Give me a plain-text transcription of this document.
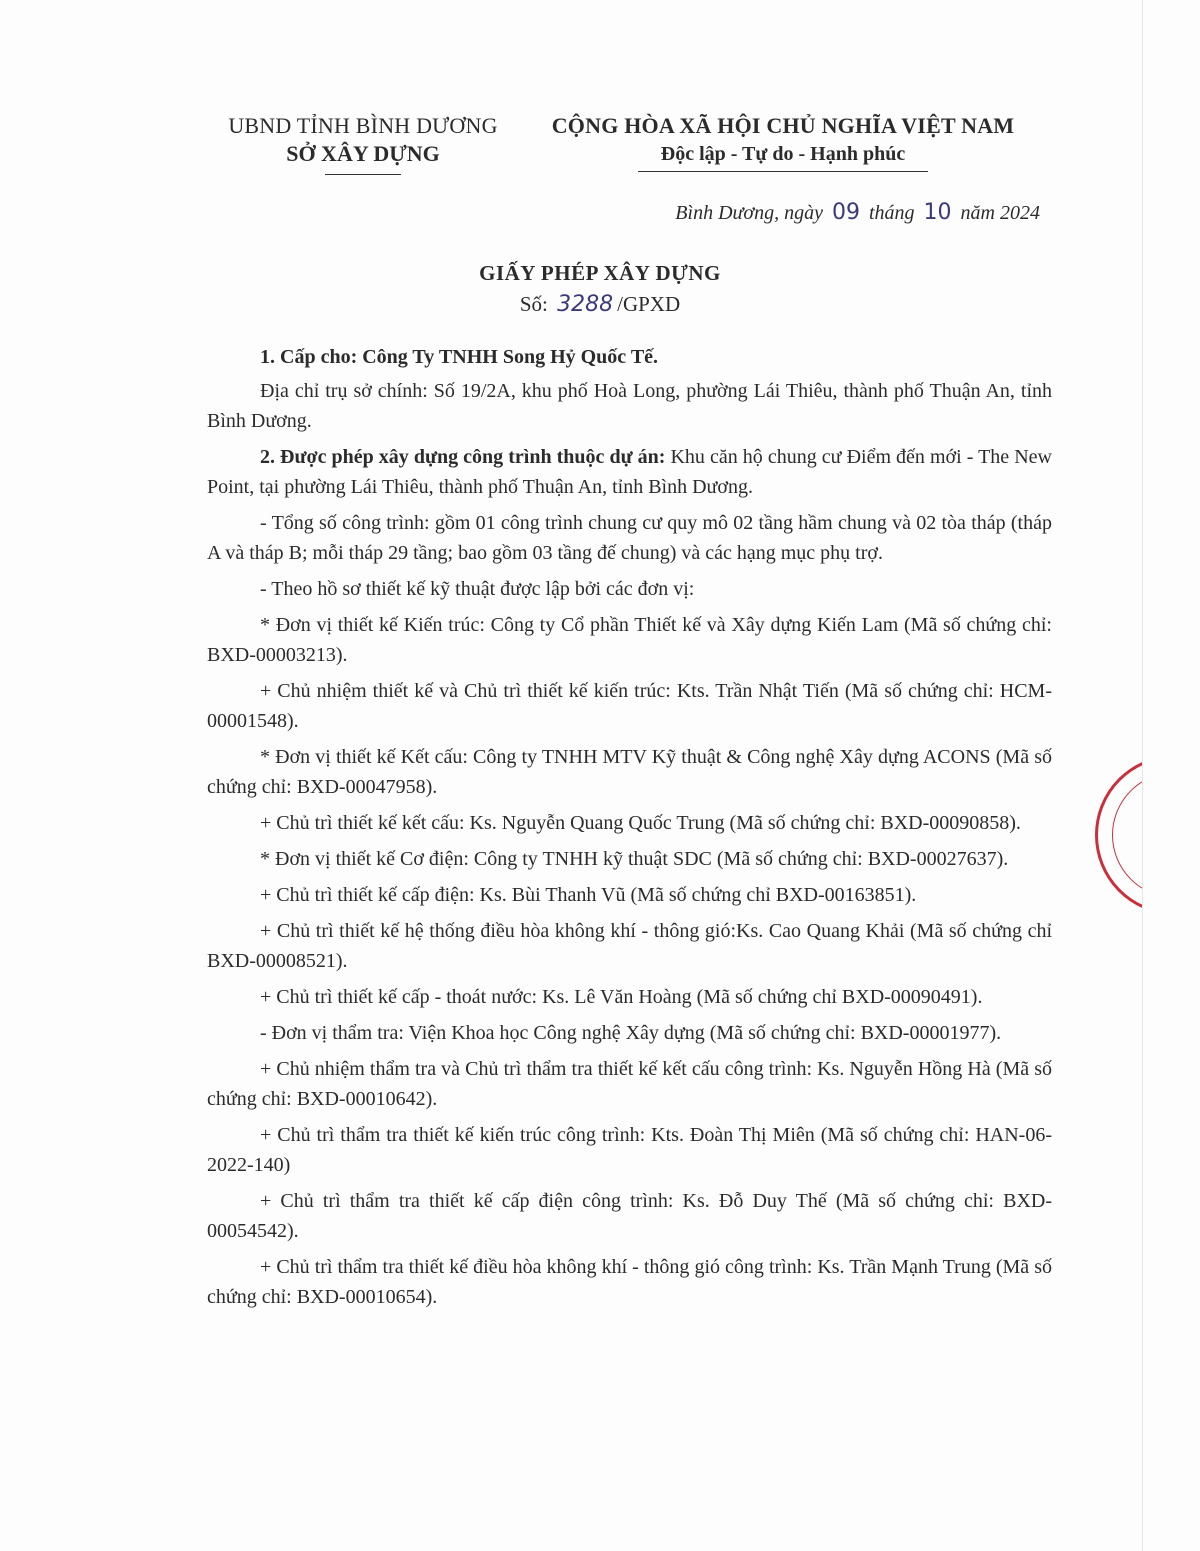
UBND TỈNH BÌNH DƯƠNG
SỞ XÂY DỰNG
CỘNG HÒA XÃ HỘI CHỦ NGHĨA VIỆT NAM
Độc lập - Tự do - Hạnh phúc
Bình Dương, ngày 09 tháng 10 năm 2024
GIẤY PHÉP XÂY DỰNG
Số: 3288 /GPXD

1. Cấp cho: Công Ty TNHH Song Hỷ Quốc Tế.

Địa chỉ trụ sở chính: Số 19/2A, khu phố Hoà Long, phường Lái Thiêu, thành phố Thuận An, tỉnh Bình Dương.

2. Được phép xây dựng công trình thuộc dự án: Khu căn hộ chung cư Điểm đến mới - The New Point, tại phường Lái Thiêu, thành phố Thuận An, tỉnh Bình Dương.

- Tổng số công trình: gồm 01 công trình chung cư quy mô 02 tầng hầm chung và 02 tòa tháp (tháp A và tháp B; mỗi tháp 29 tầng; bao gồm 03 tầng đế chung) và các hạng mục phụ trợ.

- Theo hồ sơ thiết kế kỹ thuật được lập bởi các đơn vị:

* Đơn vị thiết kế Kiến trúc: Công ty Cổ phần Thiết kế và Xây dựng Kiến Lam (Mã số chứng chỉ: BXD-00003213).

+ Chủ nhiệm thiết kế và Chủ trì thiết kế kiến trúc: Kts. Trần Nhật Tiến (Mã số chứng chỉ: HCM-00001548).

* Đơn vị thiết kế Kết cấu: Công ty TNHH MTV Kỹ thuật & Công nghệ Xây dựng ACONS (Mã số chứng chỉ: BXD-00047958).

+ Chủ trì thiết kế kết cấu: Ks. Nguyễn Quang Quốc Trung (Mã số chứng chỉ: BXD-00090858).

* Đơn vị thiết kế Cơ điện: Công ty TNHH kỹ thuật SDC (Mã số chứng chỉ: BXD-00027637).

+ Chủ trì thiết kế cấp điện: Ks. Bùi Thanh Vũ (Mã số chứng chỉ BXD-00163851).

+ Chủ trì thiết kế hệ thống điều hòa không khí - thông gió:Ks. Cao Quang Khải (Mã số chứng chỉ BXD-00008521).

+ Chủ trì thiết kế cấp - thoát nước: Ks. Lê Văn Hoàng (Mã số chứng chỉ BXD-00090491).

- Đơn vị thẩm tra: Viện Khoa học Công nghệ Xây dựng (Mã số chứng chỉ: BXD-00001977).

+ Chủ nhiệm thẩm tra và Chủ trì thẩm tra thiết kế kết cấu công trình: Ks. Nguyễn Hồng Hà (Mã số chứng chỉ: BXD-00010642).

+ Chủ trì thẩm tra thiết kế kiến trúc công trình: Kts. Đoàn Thị Miên (Mã số chứng chỉ: HAN-06-2022-140)

+ Chủ trì thẩm tra thiết kế cấp điện công trình: Ks. Đỗ Duy Thế (Mã số chứng chỉ: BXD-00054542).

+ Chủ trì thẩm tra thiết kế điều hòa không khí - thông gió công trình: Ks. Trần Mạnh Trung (Mã số chứng chỉ: BXD-00010654).
